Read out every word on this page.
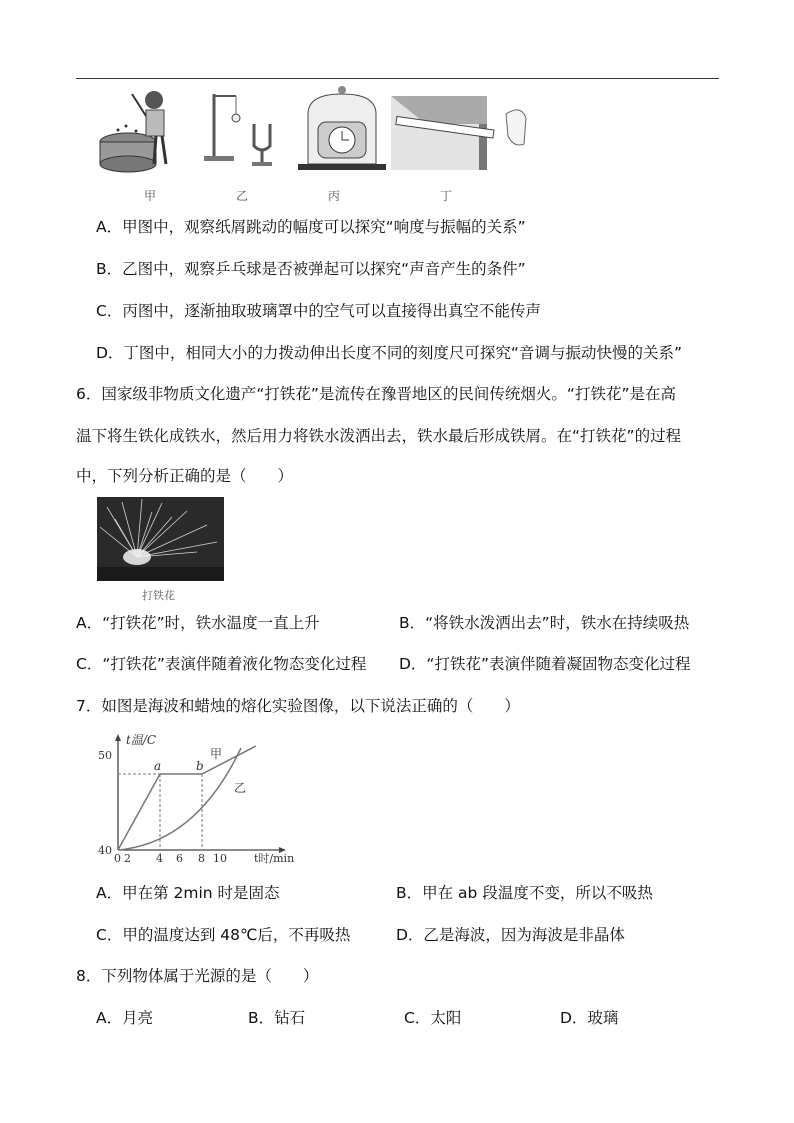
甲	乙	丙	丁
A．甲图中，观察纸屑跳动的幅度可以探究“响度与振幅的关系”
B．乙图中，观察乒乓球是否被弹起可以探究“声音产生的条件”
C．丙图中，逐渐抽取玻璃罩中的空气可以直接得出真空不能传声
D．丁图中，相同大小的力拨动伸出长度不同的刻度尺可探究“音调与振动快慢的关系”
6．国家级非物质文化遗产“打铁花”是流传在豫晋地区的民间传统烟火。“打铁花”是在高
温下将生铁化成铁水，然后用力将铁水泼洒出去，铁水最后形成铁屑。在“打铁花”的过程
中，下列分析正确的是（　　）
打铁花
A．“打铁花”时，铁水温度一直上升	B．“将铁水泼洒出去”时，铁水在持续吸热
C．“打铁花”表演伴随着液化物态变化过程 D．“打铁花”表演伴随着凝固物态变化过程
7．如图是海波和蜡烛的熔化实验图像，以下说法正确的（　　）
t温/C
t时/min
50
40
0 2 4 6 8 10
a	b
甲
乙
A．甲在第 2min 时是固态	B．甲在 ab 段温度不变，所以不吸热
C．甲的温度达到 48℃后，不再吸热	D．乙是海波，因为海波是非晶体
8．下列物体属于光源的是（　　）
A．月亮	B．钻石	C．太阳	D．玻璃
